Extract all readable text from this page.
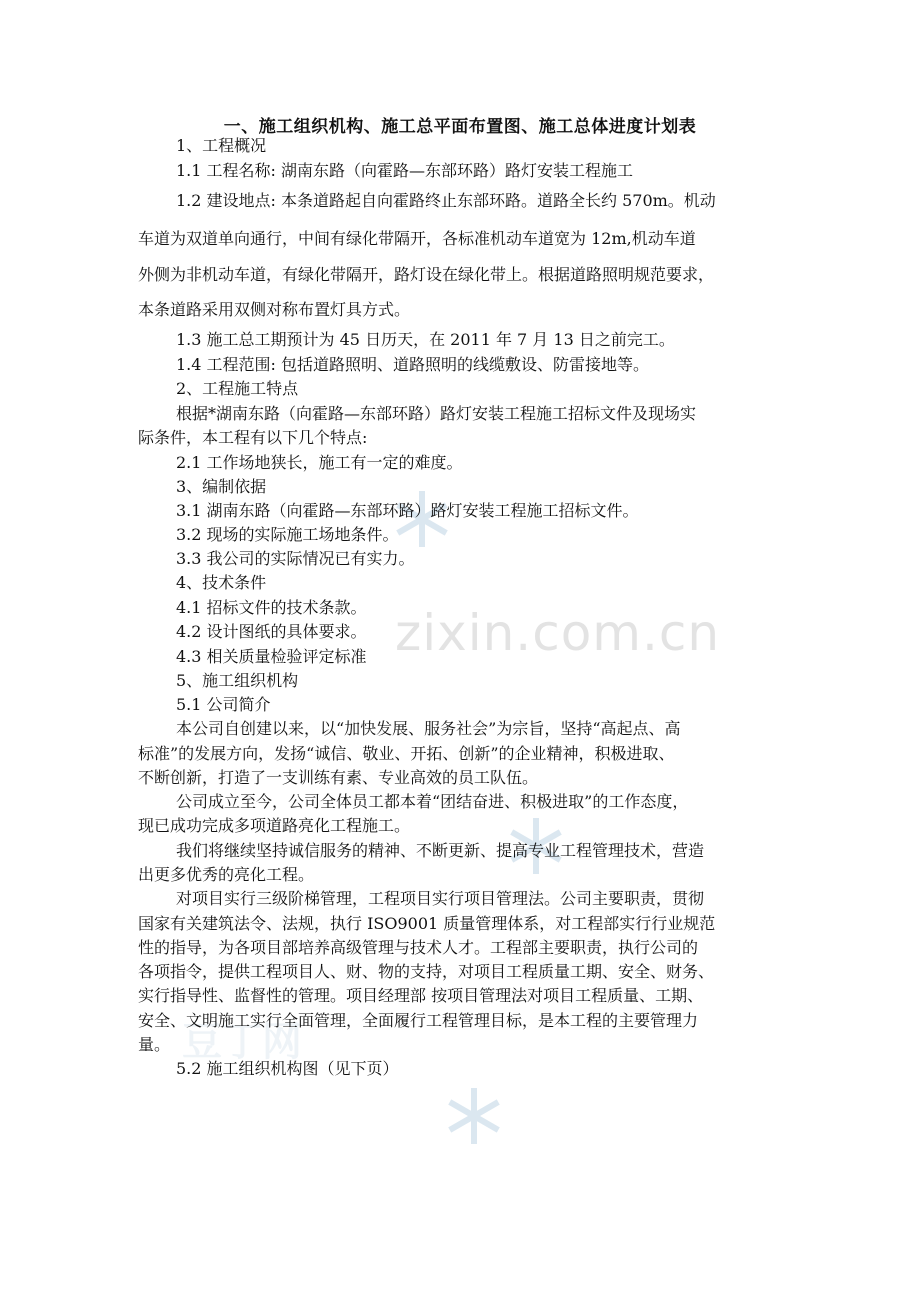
zixin.com.cn
豆丁网
一、施工组织机构、施工总平面布置图、施工总体进度计划表
1、工程概况
1.1 工程名称: 湖南东路（向霍路—东部环路）路灯安装工程施工
1.2 建设地点: 本条道路起自向霍路终止东部环路。道路全长约 570m。机动
车道为双道单向通行，中间有绿化带隔开，各标准机动车道宽为 12m,机动车道
外侧为非机动车道，有绿化带隔开，路灯设在绿化带上。根据道路照明规范要求，
本条道路采用双侧对称布置灯具方式。
1.3 施工总工期预计为 45 日历天，在 2011 年 7 月 13 日之前完工。
1.4 工程范围: 包括道路照明、道路照明的线缆敷设、防雷接地等。
2、工程施工特点
根据*湖南东路（向霍路—东部环路）路灯安装工程施工招标文件及现场实
际条件，本工程有以下几个特点:
2.1 工作场地狭长，施工有一定的难度。
3、编制依据
3.1 湖南东路（向霍路—东部环路）路灯安装工程施工招标文件。
3.2 现场的实际施工场地条件。
3.3 我公司的实际情况已有实力。
4、技术条件
4.1 招标文件的技术条款。
4.2 设计图纸的具体要求。
4.3 相关质量检验评定标准
5、施工组织机构
5.1 公司简介
本公司自创建以来，以“加快发展、服务社会”为宗旨，坚持“高起点、高
标准”的发展方向，发扬“诚信、敬业、开拓、创新”的企业精神，积极进取、
不断创新，打造了一支训练有素、专业高效的员工队伍。
公司成立至今，公司全体员工都本着“团结奋进、积极进取”的工作态度，
现已成功完成多项道路亮化工程施工。
我们将继续坚持诚信服务的精神、不断更新、提高专业工程管理技术，营造
出更多优秀的亮化工程。
对项目实行三级阶梯管理，工程项目实行项目管理法。公司主要职责，贯彻
国家有关建筑法令、法规，执行 ISO9001 质量管理体系，对工程部实行行业规范
性的指导，为各项目部培养高级管理与技术人才。工程部主要职责，执行公司的
各项指令，提供工程项目人、财、物的支持，对项目工程质量工期、安全、财务、
实行指导性、监督性的管理。项目经理部 按项目管理法对项目工程质量、工期、
安全、文明施工实行全面管理，全面履行工程管理目标，是本工程的主要管理力
量。
5.2 施工组织机构图（见下页）
